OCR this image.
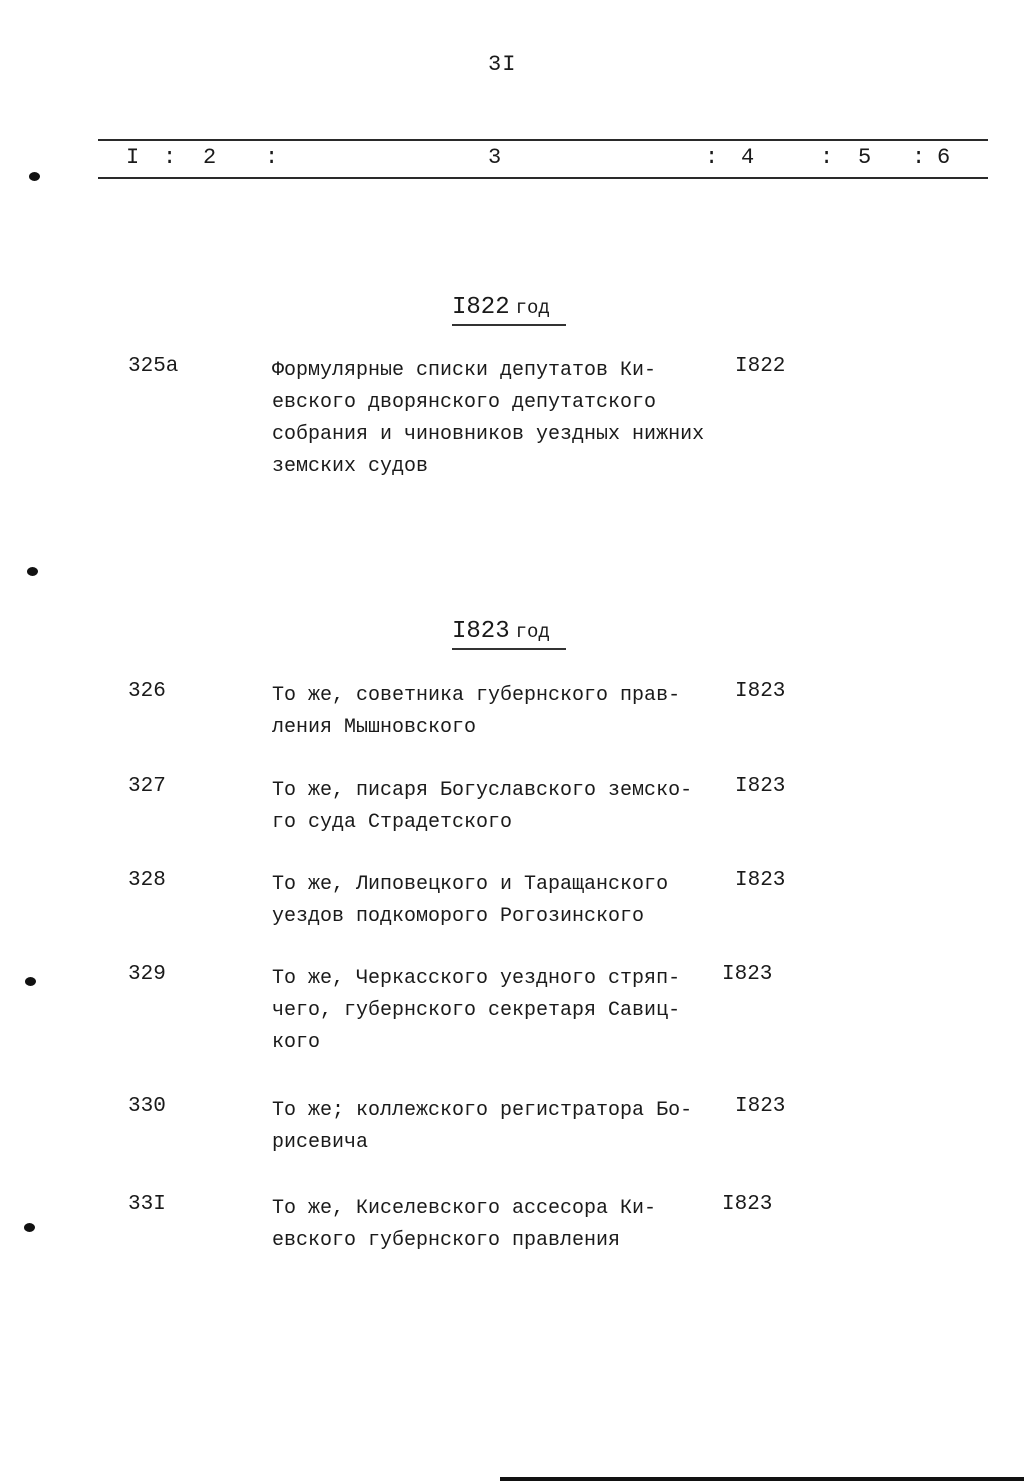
3I
I : 2 :	3	: 4	: 5 : 6
I822 год
325а	Формулярные списки депутатов Ки-
евского дворянского депутатского
собрания и чиновников уездных нижних
земских судов
I822
I823 год
326	То же, советника губернского прав-
ления Мышновского
I823
327	То же, писаря Богуславского земско-
го суда Страдетского
I823
328	То же, Липовецкого и Таращанского
уездов подкоморого Рогозинского
I823
329	То же, Черкасского уездного стряп-
чего, губернского секретаря Савиц-
кого
I823
330	То же; коллежского регистратора Бо-
рисевича
I823
33I	То же, Киселевского ассесора Ки-
евского губернского правления
I823
